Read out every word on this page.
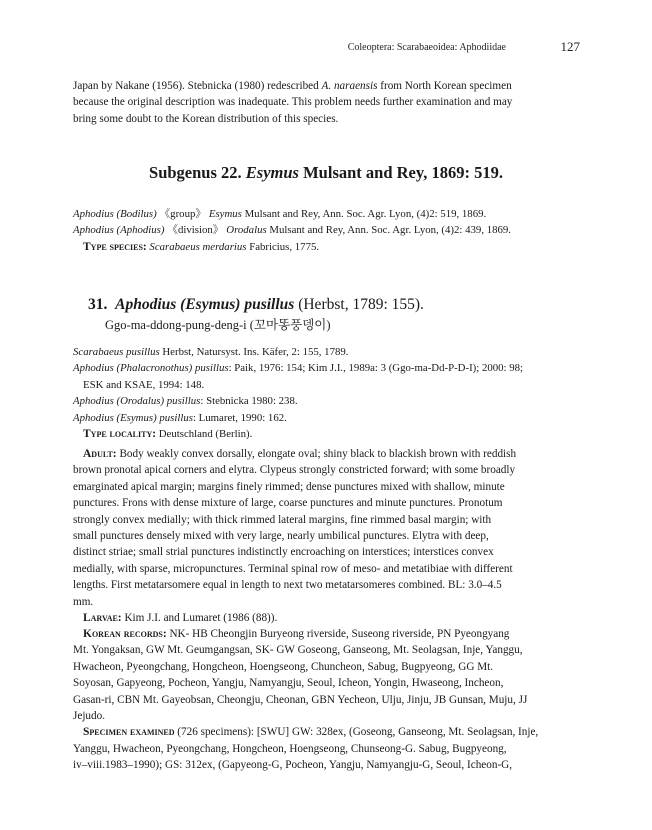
Coleoptera: Scarabaeoidea: Aphodiidae	127
Japan by Nakane (1956). Stebnicka (1980) redescribed A. naraensis from North Korean specimen
because the original description was inadequate. This problem needs further examination and may
bring some doubt to the Korean distribution of this species.
Subgenus 22. Esymus Mulsant and Rey, 1869: 519.
Aphodius (Bodilus) 《group》 Esymus Mulsant and Rey, Ann. Soc. Agr. Lyon, (4)2: 519, 1869.
Aphodius (Aphodius) 《division》 Orodalus Mulsant and Rey, Ann. Soc. Agr. Lyon, (4)2: 439, 1869.
Type species: Scarabaeus merdarius Fabricius, 1775.
31. Aphodius (Esymus) pusillus (Herbst, 1789: 155).
Ggo-ma-ddong-pung-deng-i (꼬마똥풍뎅이)
Scarabaeus pusillus Herbst, Natursyst. Ins. Käfer, 2: 155, 1789.
Aphodius (Phalacronothus) pusillus: Paik, 1976: 154; Kim J.I., 1989a: 3 (Ggo-ma-Dd-P-D-I); 2000: 98;
ESK and KSAE, 1994: 148.
Aphodius (Orodalus) pusillus: Stebnicka 1980: 238.
Aphodius (Esymus) pusillus: Lumaret, 1990: 162.
Type locality: Deutschland (Berlin).
Adult: Body weakly convex dorsally, elongate oval; shiny black to blackish brown with reddish
brown pronotal apical corners and elytra. Clypeus strongly constricted forward; with some broadly
emarginated apical margin; margins finely rimmed; dense punctures mixed with shallow, minute
punctures. Frons with dense mixture of large, coarse punctures and minute punctures. Pronotum
strongly convex medially; with thick rimmed lateral margins, fine rimmed basal margin; with
small punctures densely mixed with very large, nearly umbilical punctures. Elytra with deep,
distinct striae; small strial punctures indistinctly encroaching on interstices; interstices convex
medially, with sparse, micropunctures. Terminal spinal row of meso- and metatibiae with different
lengths. First metatarsomere equal in length to next two metatarsomeres combined. BL: 3.0–4.5
mm.
Larvae: Kim J.I. and Lumaret (1986 (88)).
Korean records: NK- HB Cheongjin Buryeong riverside, Suseong riverside, PN Pyeongyang
Mt. Yongaksan, GW Mt. Geumgangsan, SK- GW Goseong, Ganseong, Mt. Seolagsan, Inje, Yanggu,
Hwacheon, Pyeongchang, Hongcheon, Hoengseong, Chuncheon, Sabug, Bugpyeong, GG Mt.
Soyosan, Gapyeong, Pocheon, Yangju, Namyangju, Seoul, Icheon, Yongin, Hwaseong, Incheon,
Gasan-ri, CBN Mt. Gayeobsan, Cheongju, Cheonan, GBN Yecheon, Ulju, Jinju, JB Gunsan, Muju, JJ
Jejudo.
Specimen examined (726 specimens): [SWU] GW: 328ex, (Goseong, Ganseong, Mt. Seolagsan, Inje,
Yanggu, Hwacheon, Pyeongchang, Hongcheon, Hoengseong, Chunseong-G. Sabug, Bugpyeong,
iv–viii.1983–1990); GS: 312ex, (Gapyeong-G, Pocheon, Yangju, Namyangju-G, Seoul, Icheon-G,
